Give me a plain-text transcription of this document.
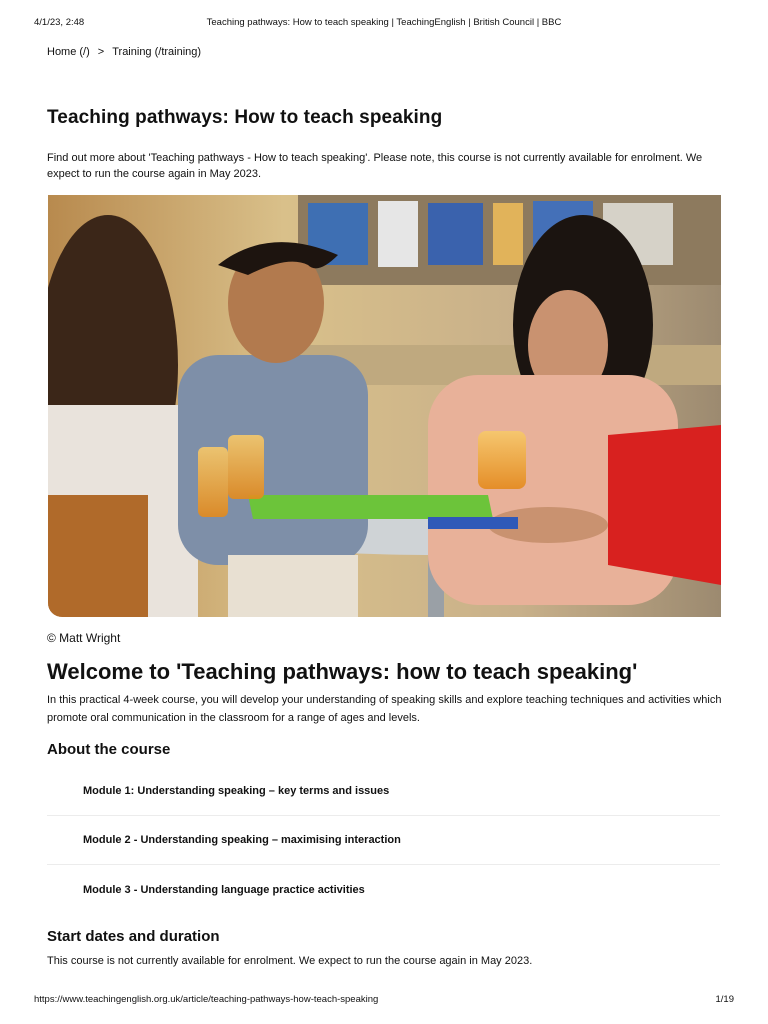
4/1/23, 2:48	Teaching pathways: How to teach speaking | TeachingEnglish | British Council | BBC
Home (/) > Training (/training)
Teaching pathways: How to teach speaking

Find out more about 'Teaching pathways - How to teach speaking'. Please note, this course is not currently available for enrolment. We expect to run the course again in May 2023.

© Matt Wright
Welcome to 'Teaching pathways: how to teach speaking'

In this practical 4-week course, you will develop your understanding of speaking skills and explore teaching techniques and activities which promote oral communication in the classroom for a range of ages and levels.

About the course
Module 1: Understanding speaking – key terms and issues
Module 2 - Understanding speaking – maximising interaction
Module 3 - Understanding language practice activities
Start dates and duration

This course is not currently available for enrolment. We expect to run the course again in May 2023.

https://www.teachingenglish.org.uk/article/teaching-pathways-how-teach-speaking	1/19
